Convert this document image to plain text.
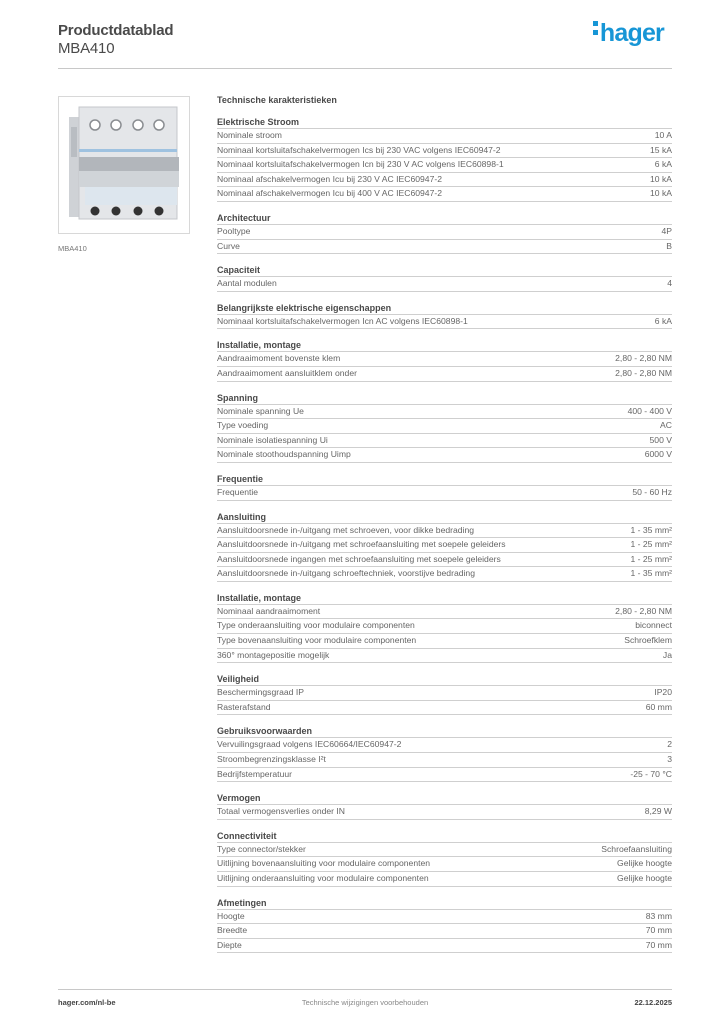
Productdatablad
MBA410
hager
MBA410
Technische karakteristieken
Elektrische Stroom
Nominale stroom	10 A
Nominaal kortsluitafschakelvermogen Ics bij 230 VAC volgens IEC60947-2	15 kA
Nominaal kortsluitafschakelvermogen Icn bij 230 V AC volgens IEC60898-1	6 kA
Nominaal afschakelvermogen Icu bij 230 V AC IEC60947-2	10 kA
Nominaal afschakelvermogen Icu bij 400 V AC IEC60947-2	10 kA
Architectuur
Pooltype	4P
Curve	B
Capaciteit
Aantal modulen	4
Belangrijkste elektrische eigenschappen
Nominaal kortsluitafschakelvermogen Icn AC volgens IEC60898-1	6 kA
Installatie, montage
Aandraaimoment bovenste klem	2,80 - 2,80 NM
Aandraaimoment aansluitklem onder	2,80 - 2,80 NM
Spanning
Nominale spanning Ue	400 - 400 V
Type voeding	AC
Nominale isolatiespanning Ui	500 V
Nominale stoothoudspanning Uimp	6000 V
Frequentie
Frequentie	50 - 60 Hz
Aansluiting
Aansluitdoorsnede in-/uitgang met schroeven, voor dikke bedrading	1 - 35 mm²
Aansluitdoorsnede in-/uitgang met schroefaansluiting met soepele geleiders	1 - 25 mm²
Aansluitdoorsnede ingangen met schroefaansluiting met soepele geleiders	1 - 25 mm²
Aansluitdoorsnede in-/uitgang schroeftechniek, voorstijve bedrading	1 - 35 mm²
Installatie, montage
Nominaal aandraaimoment	2,80 - 2,80 NM
Type onderaansluiting voor modulaire componenten	biconnect
Type bovenaansluiting voor modulaire componenten	Schroefklem
360° montagepositie mogelijk	Ja
Veiligheid
Beschermingsgraad IP	IP20
Rasterafstand	60 mm
Gebruiksvoorwaarden
Vervuilingsgraad volgens IEC60664/IEC60947-2	2
Stroombegrenzingsklasse I²t	3
Bedrijfstemperatuur	-25 - 70 °C
Vermogen
Totaal vermogensverlies onder IN	8,29 W
Connectiviteit
Type connector/stekker	Schroefaansluiting
Uitlijning bovenaansluiting voor modulaire componenten	Gelijke hoogte
Uitlijning onderaansluiting voor modulaire componenten	Gelijke hoogte
Afmetingen
Hoogte	83 mm
Breedte	70 mm
Diepte	70 mm
hager.com/nl-be	Technische wijzigingen voorbehouden	22.12.2025
